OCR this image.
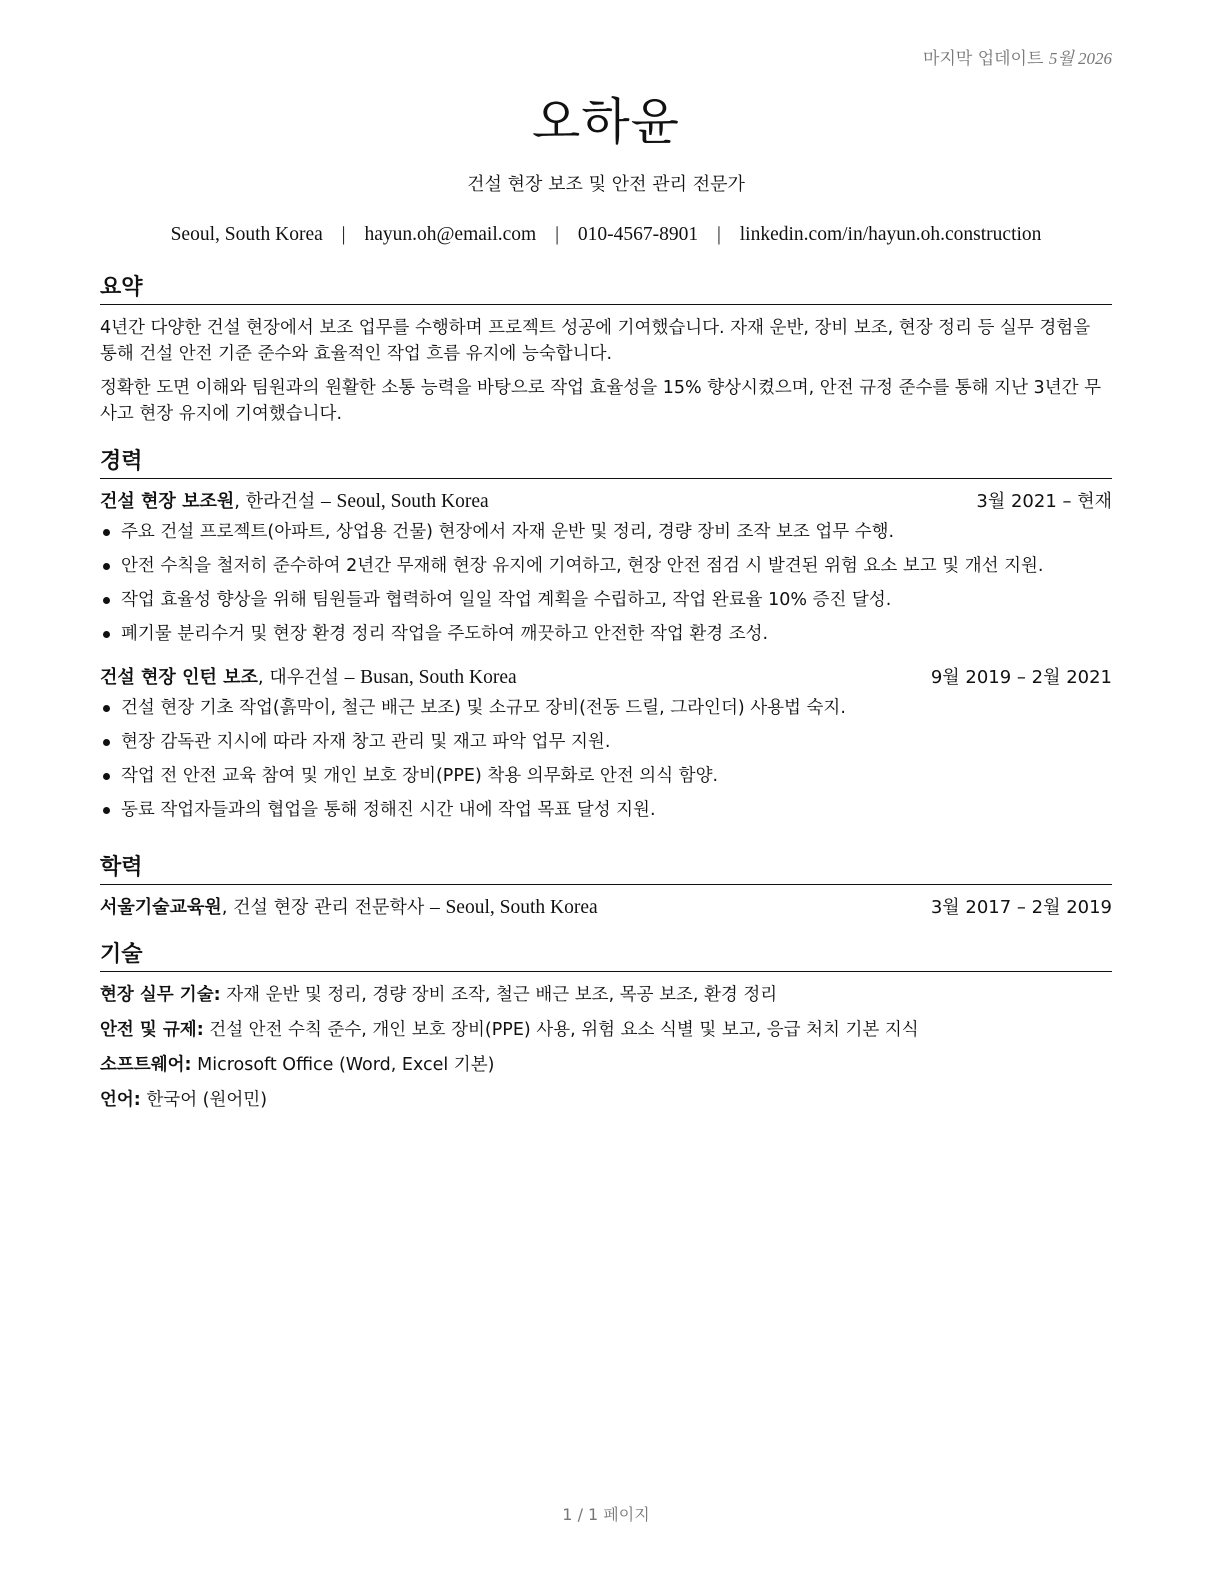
마지막 업데이트 5월 2026
오하윤
건설 현장 보조 및 안전 관리 전문가
Seoul, South Korea | hayun.oh@email.com | 010-4567-8901 | linkedin.com/in/hayun.oh.construction
요약

4년간 다양한 건설 현장에서 보조 업무를 수행하며 프로젝트 성공에 기여했습니다. 자재 운반, 장비 보조, 현장 정리 등 실무 경험을 통해 건설 안전 기준 준수와 효율적인 작업 흐름 유지에 능숙합니다.

정확한 도면 이해와 팀원과의 원활한 소통 능력을 바탕으로 작업 효율성을 15% 향상시켰으며, 안전 규정 준수를 통해 지난 3년간 무사고 현장 유지에 기여했습니다.

경력
건설 현장 보조원, 한라건설 – Seoul, South Korea	3월 2021 – 현재
주요 건설 프로젝트(아파트, 상업용 건물) 현장에서 자재 운반 및 정리, 경량 장비 조작 보조 업무 수행.
안전 수칙을 철저히 준수하여 2년간 무재해 현장 유지에 기여하고, 현장 안전 점검 시 발견된 위험 요소 보고 및 개선 지원.
작업 효율성 향상을 위해 팀원들과 협력하여 일일 작업 계획을 수립하고, 작업 완료율 10% 증진 달성.
폐기물 분리수거 및 현장 환경 정리 작업을 주도하여 깨끗하고 안전한 작업 환경 조성.
건설 현장 인턴 보조, 대우건설 – Busan, South Korea	9월 2019 – 2월 2021
건설 현장 기초 작업(흙막이, 철근 배근 보조) 및 소규모 장비(전동 드릴, 그라인더) 사용법 숙지.
현장 감독관 지시에 따라 자재 창고 관리 및 재고 파악 업무 지원.
작업 전 안전 교육 참여 및 개인 보호 장비(PPE) 착용 의무화로 안전 의식 함양.
동료 작업자들과의 협업을 통해 정해진 시간 내에 작업 목표 달성 지원.
학력
서울기술교육원, 건설 현장 관리 전문학사 – Seoul, South Korea	3월 2017 – 2월 2019
기술
현장 실무 기술: 자재 운반 및 정리, 경량 장비 조작, 철근 배근 보조, 목공 보조, 환경 정리
안전 및 규제: 건설 안전 수칙 준수, 개인 보호 장비(PPE) 사용, 위험 요소 식별 및 보고, 응급 처치 기본 지식
소프트웨어: Microsoft Office (Word, Excel 기본)
언어: 한국어 (원어민)
1 / 1 페이지
